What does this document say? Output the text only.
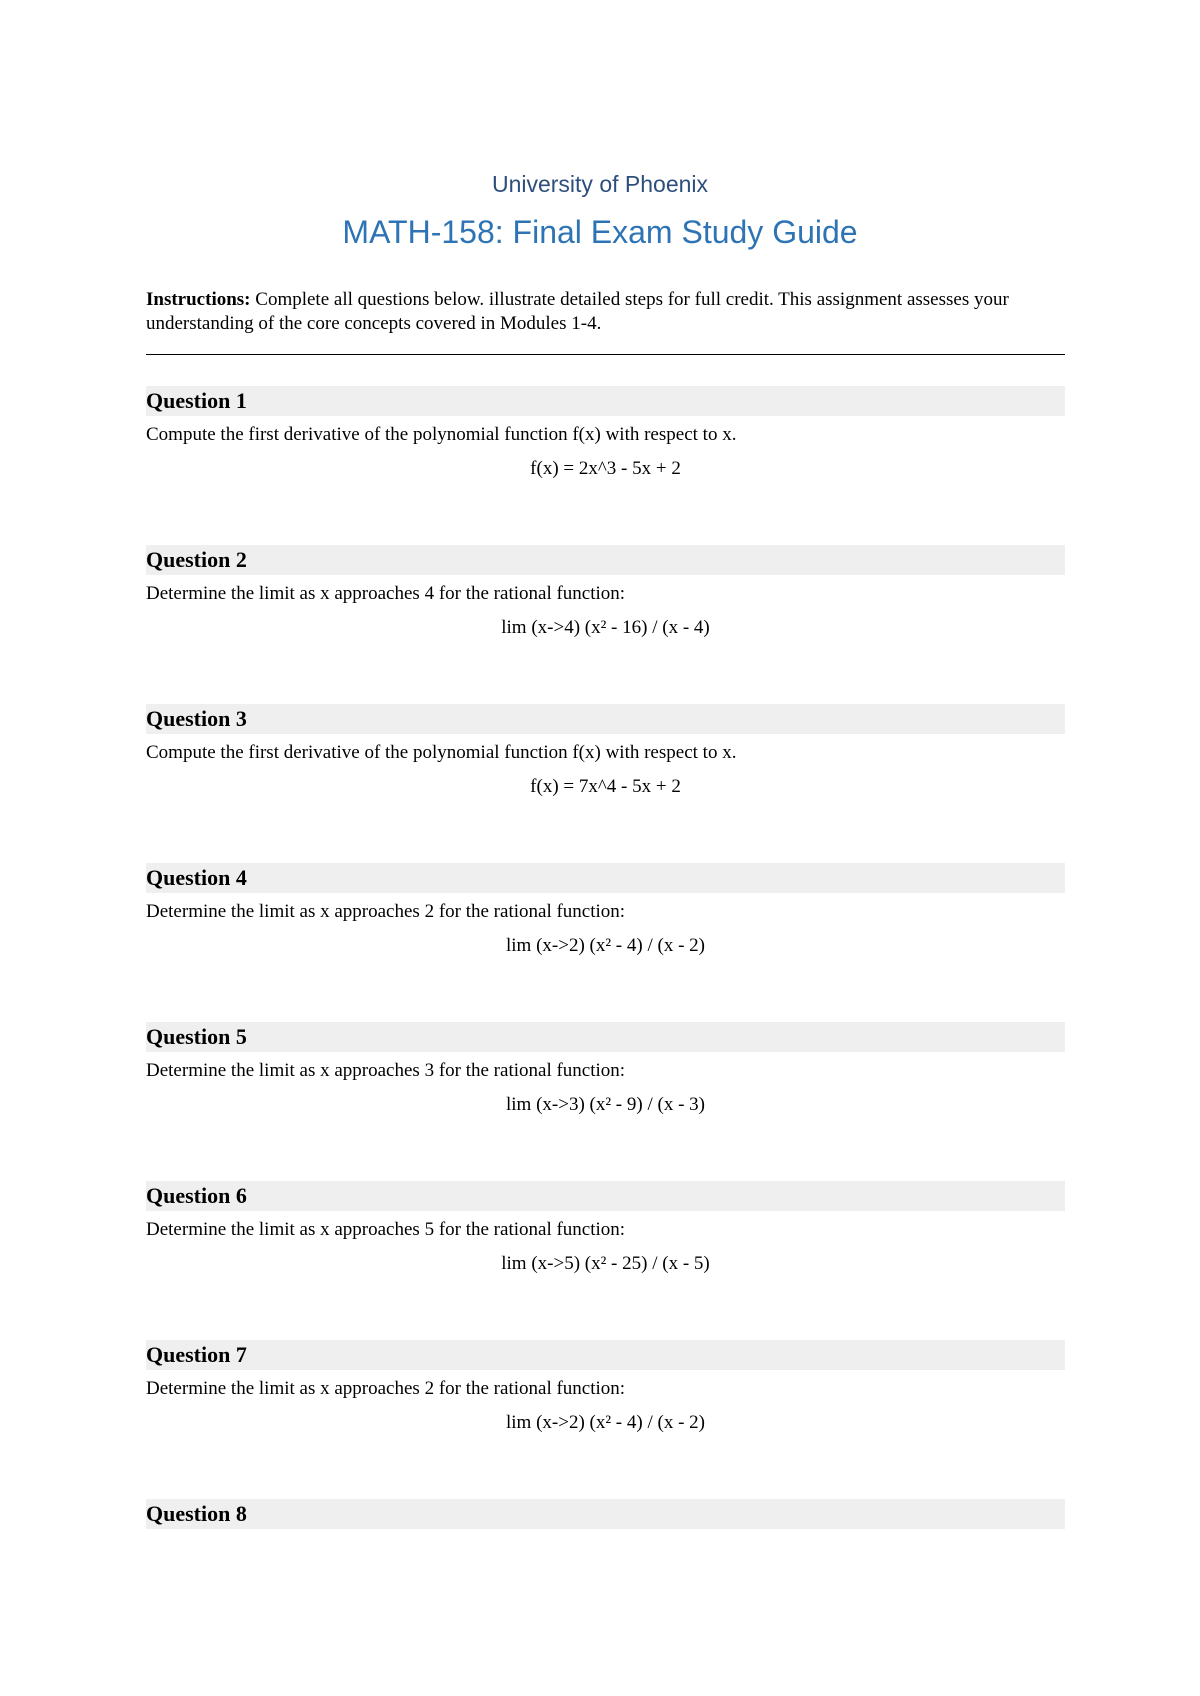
University of Phoenix
MATH-158: Final Exam Study Guide
Instructions: Complete all questions below. illustrate detailed steps for full credit. This assignment assesses your understanding of the core concepts covered in Modules 1-4.
Question 1
Compute the first derivative of the polynomial function f(x) with respect to x.
f(x) = 2x^3 - 5x + 2
Question 2
Determine the limit as x approaches 4 for the rational function:
lim (x->4) (x² - 16) / (x - 4)
Question 3
Compute the first derivative of the polynomial function f(x) with respect to x.
f(x) = 7x^4 - 5x + 2
Question 4
Determine the limit as x approaches 2 for the rational function:
lim (x->2) (x² - 4) / (x - 2)
Question 5
Determine the limit as x approaches 3 for the rational function:
lim (x->3) (x² - 9) / (x - 3)
Question 6
Determine the limit as x approaches 5 for the rational function:
lim (x->5) (x² - 25) / (x - 5)
Question 7
Determine the limit as x approaches 2 for the rational function:
lim (x->2) (x² - 4) / (x - 2)
Question 8
